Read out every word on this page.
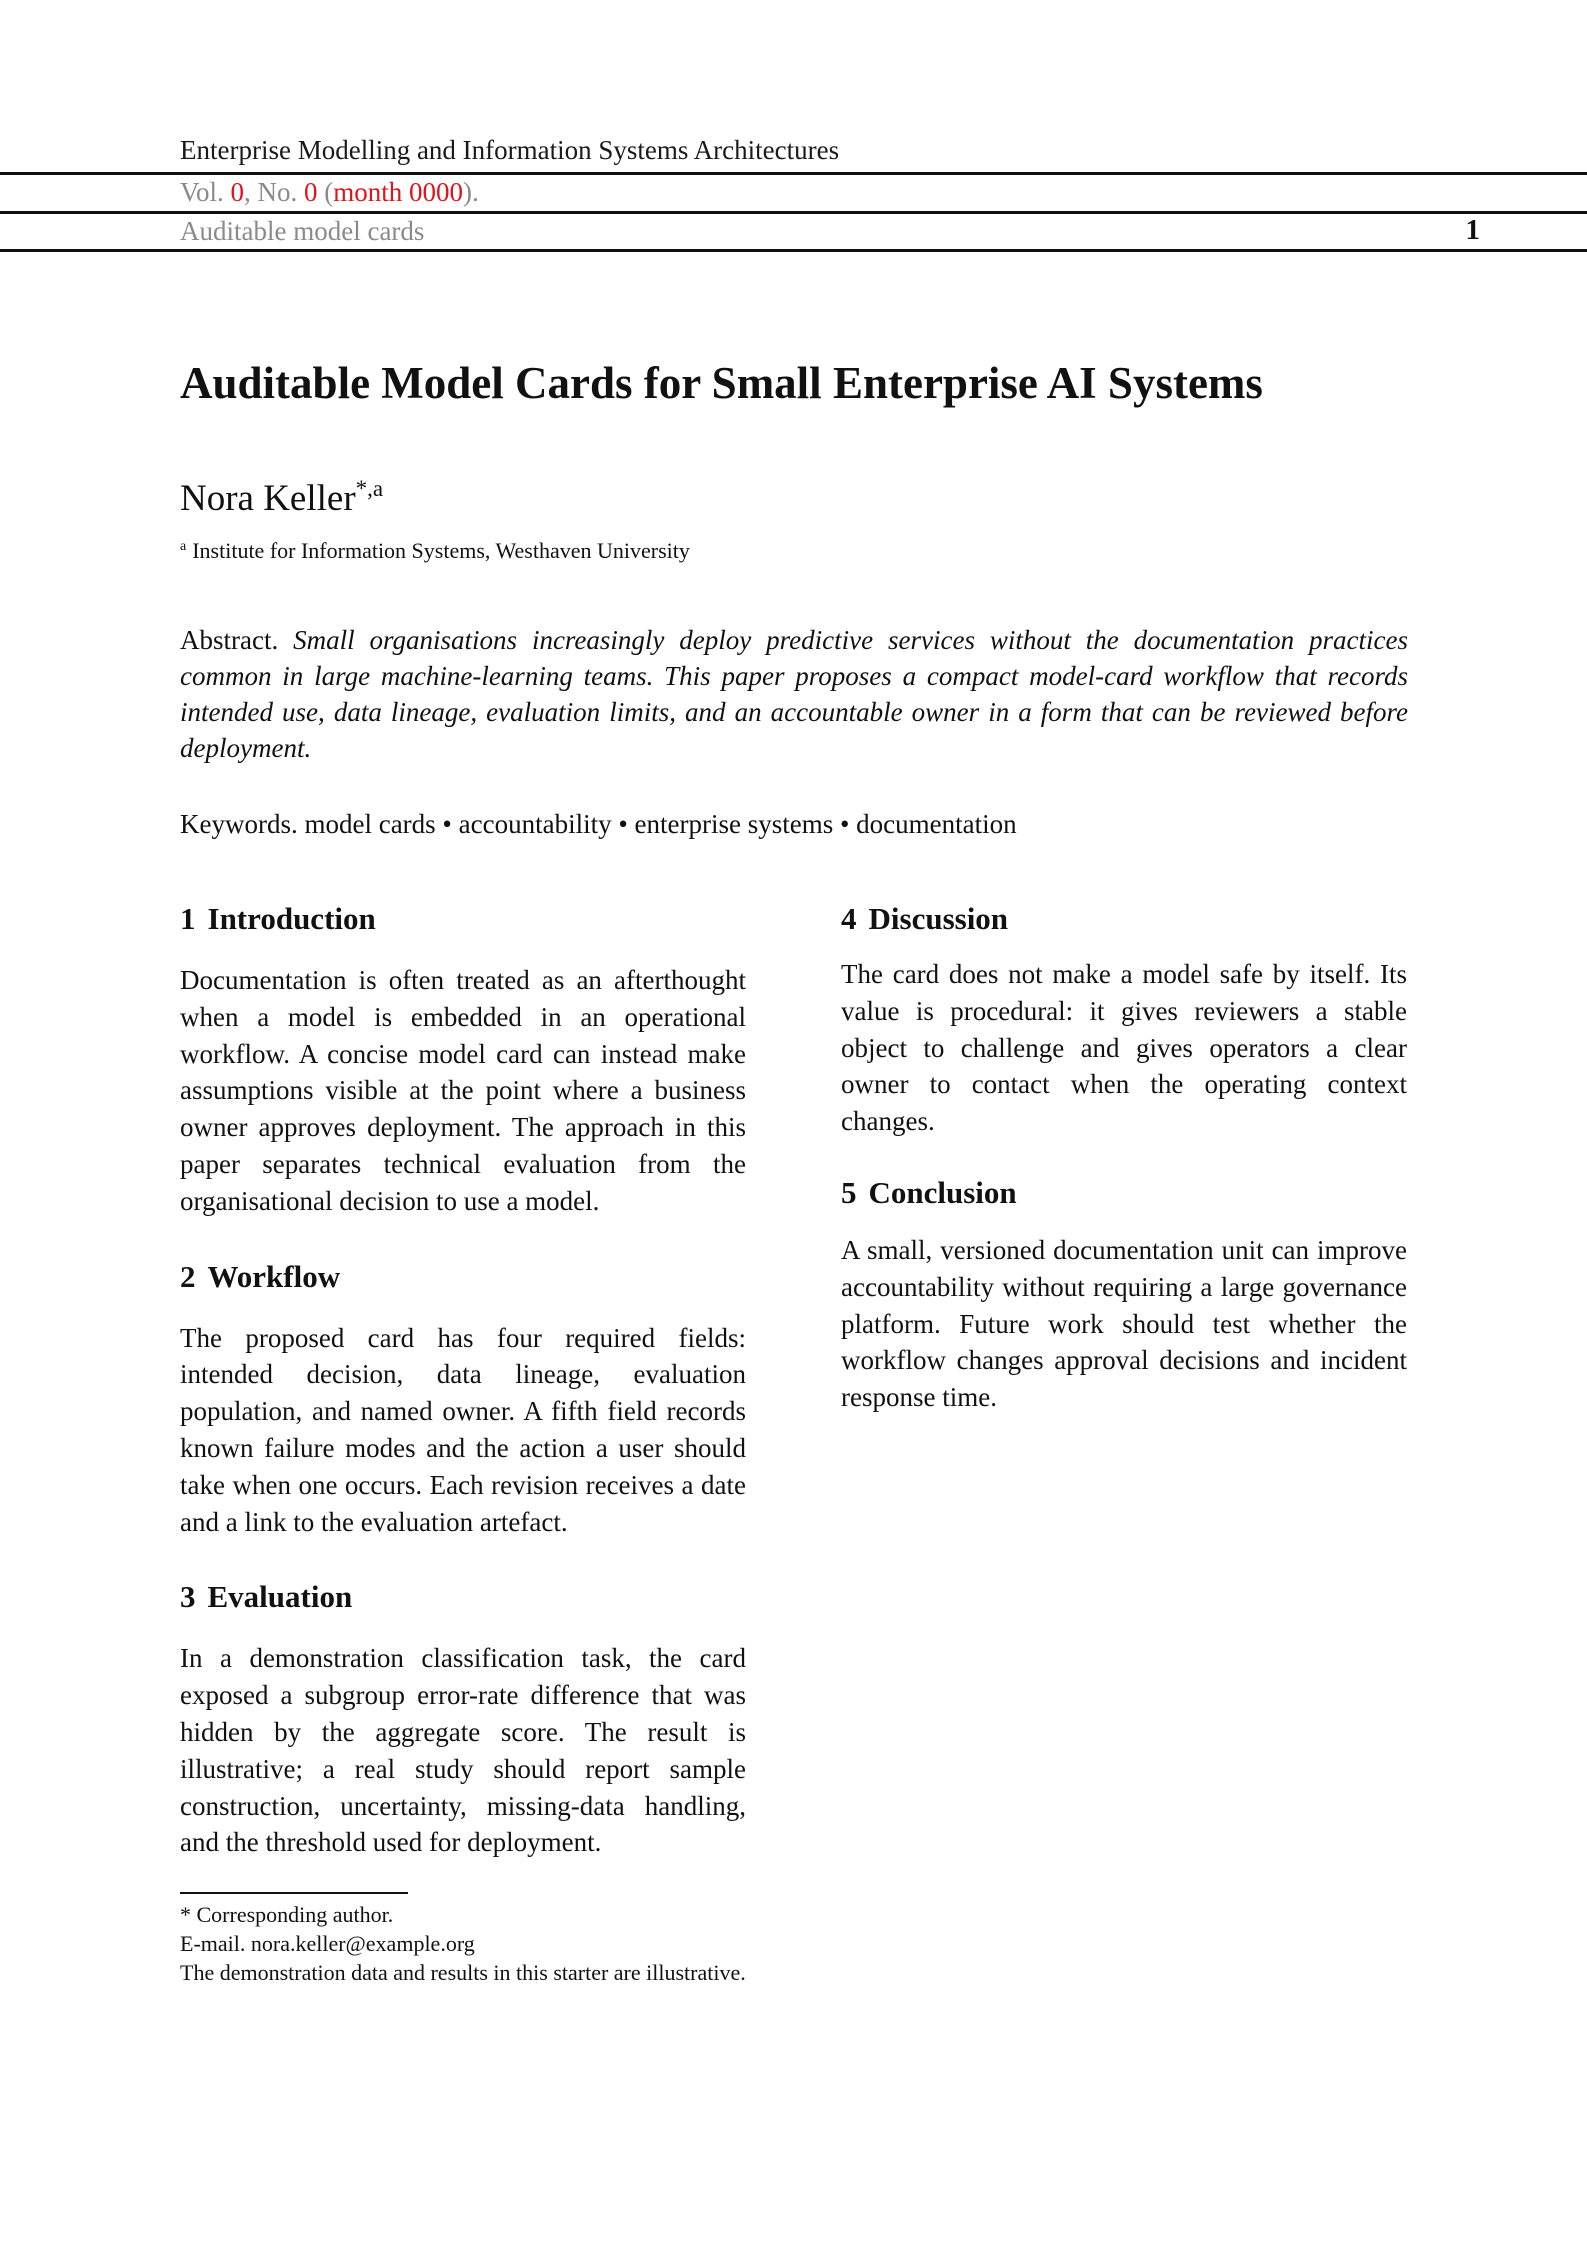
Enterprise Modelling and Information Systems Architectures
Vol. 0, No. 0 (month 0000).
Auditable model cards	1
Auditable Model Cards for Small Enterprise AI Systems
Nora Keller$^{*,a}$
$^a$ Institute for Information Systems, Westhaven University
Abstract. Small organisations increasingly deploy predictive services without the documentation practices common in large machine-learning teams. This paper proposes a compact model-card workflow that records intended use, data lineage, evaluation limits, and an accountable owner in a form that can be reviewed before deployment.
Keywords. model cards • accountability • enterprise systems • documentation
1 Introduction

Documentation is often treated as an afterthought when a model is embedded in an operational workflow. A concise model card can instead make assumptions visible at the point where a business owner approves deployment. The approach in this paper separates technical evaluation from the organisational decision to use a model.

2 Workflow

The proposed card has four required fields: intended decision, data lineage, evaluation population, and named owner. A fifth field records known failure modes and the action a user should take when one occurs. Each revision receives a date and a link to the evaluation artefact.

3 Evaluation

In a demonstration classification task, the card exposed a subgroup error-rate difference that was hidden by the aggregate score. The result is illustrative; a real study should report sample construction, uncertainty, missing-data handling, and the threshold used for deployment.

4 Discussion

The card does not make a model safe by itself. Its value is procedural: it gives reviewers a stable object to challenge and gives operators a clear owner to contact when the operating context changes.

5 Conclusion

A small, versioned documentation unit can improve accountability without requiring a large governance platform. Future work should test whether the workflow changes approval decisions and incident response time.

* Corresponding author.
E-mail. nora.keller@example.org
The demonstration data and results in this starter are illustrative.
